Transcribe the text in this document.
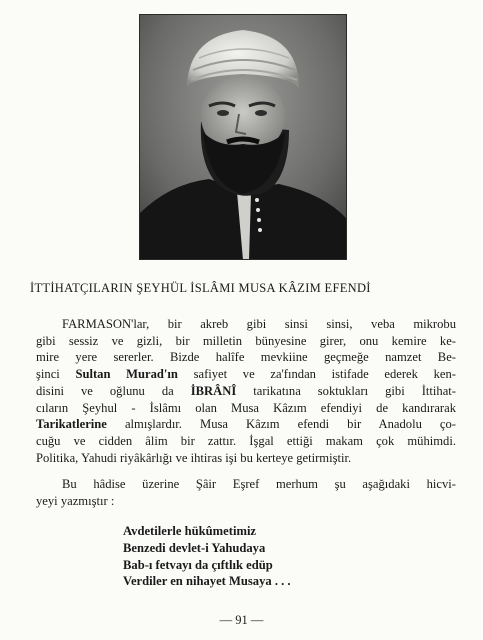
İTTİHATÇILARIN ŞEYHÜL İSLÂMI MUSA KÂZIM EFENDİ
FARMASON'lar, bir akreb gibi sinsi sinsi, veba mikrobu
gibi sessiz ve gizli, bir milletin bünyesine girer, onu kemire ke-
mire yere sererler. Bizde halîfe mevkiine geçmeğe namzet Be-
şinci Sultan Murad'ın safiyet ve za'fından istifade ederek ken-
disini ve oğlunu da İBRÂNÎ tarikatına soktukları gibi İttihat-
cıların Şeyhul - İslâmı olan Musa Kâzım efendiyi de kandırarak
Tarikatlerine almışlardır. Musa Kâzım efendi bir Anadolu ço-
cuğu ve cidden âlim bir zattır. İşgal ettiği makam çok mühimdi.
Politika, Yahudi riyâkârlığı ve ihtiras işi bu kerteye getirmiştir.
Bu hâdise üzerine Şâir Eşref merhum şu aşağıdaki hicvi-
yeyi yazmıştır :
Avdetilerle hükûmetimiz
Benzedi devlet-i Yahudaya
Bab-ı fetvayı da çıftlık edüp
Verdiler en nihayet Musaya . . .
— 91 —
